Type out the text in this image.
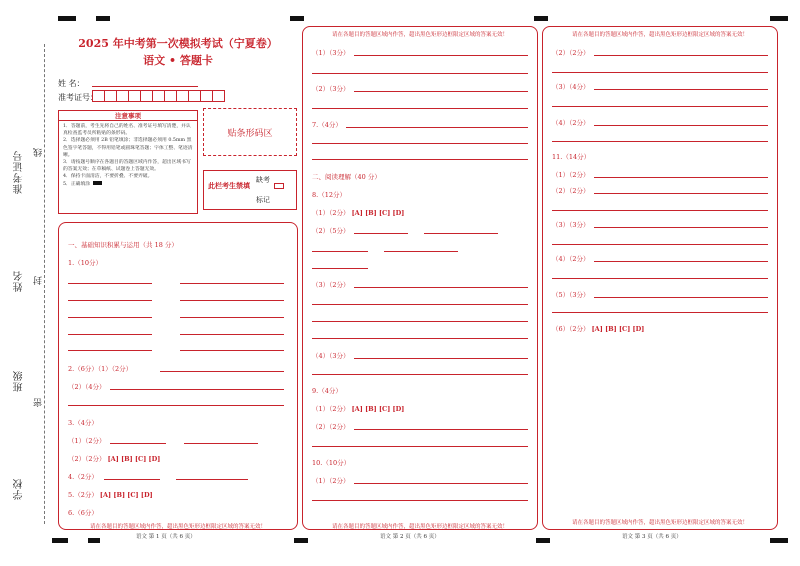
准考证号
姓名
班级
学校
线
封
密
2025 年中考第一次模拟考试（宁夏卷）
语文 • 答题卡
姓 名：
准考证号：
注意事项
1．答题前，考生先将自己的姓名、准考证号填写清楚，并认真检查监考员所粘贴的条形码。
2．选择题必须用 2B 铅笔填涂；非选择题必须用 0.5mm 黑色签字笔答题，不得用铅笔或圆珠笔答题；字体工整、笔迹清晰。
3．请按题号顺序在各题目的答题区域内作答，超出区域书写的答案无效；在草稿纸、试题卷上答题无效。
4．保持卡面清洁，不要折叠、不要弄破。
5．正确填涂
贴条形码区
此栏考生禁填
缺考
标记
请在各题目的答题区域内作答，超出黑色矩形边框限定区域的答案无效！
语文 第 1 页（共 6 页）
一、基础知识积累与运用（共 18 分）
1.（10分）
2.（6分）（1）（2分）
（2）（4分）
3.（4分）
（1）（2分）
（2）（2分） [A] [B] [C] [D]
4.（2分）
5.（2分） [A] [B] [C] [D]
6.（6分）
请在各题目的答题区域内作答，超出黑色矩形边框限定区域的答案无效！
请在各题目的答题区域内作答，超出黑色矩形边框限定区域的答案无效！
语文 第 2 页（共 6 页）
（1）（3分）
（2）（3分）
7.（4分）
二、阅读理解（40 分）
8.（12分）
（1）（2分） [A] [B] [C] [D]
（2）（5分）
（3）（2分）
（4）（3分）
9.（4分）
（1）（2分） [A] [B] [C] [D]
（2）（2分）
10.（10分）
（1）（2分）
请在各题目的答题区域内作答，超出黑色矩形边框限定区域的答案无效！
请在各题目的答题区域内作答，超出黑色矩形边框限定区域的答案无效！
语文 第 3 页（共 6 页）
（2）（2分）
（3）（4分）
（4）（2分）
11.（14分）
（1）（2分）
（2）（2分）
（3）（3分）
（4）（2分）
（5）（3分）
（6）（2分） [A] [B] [C] [D]
